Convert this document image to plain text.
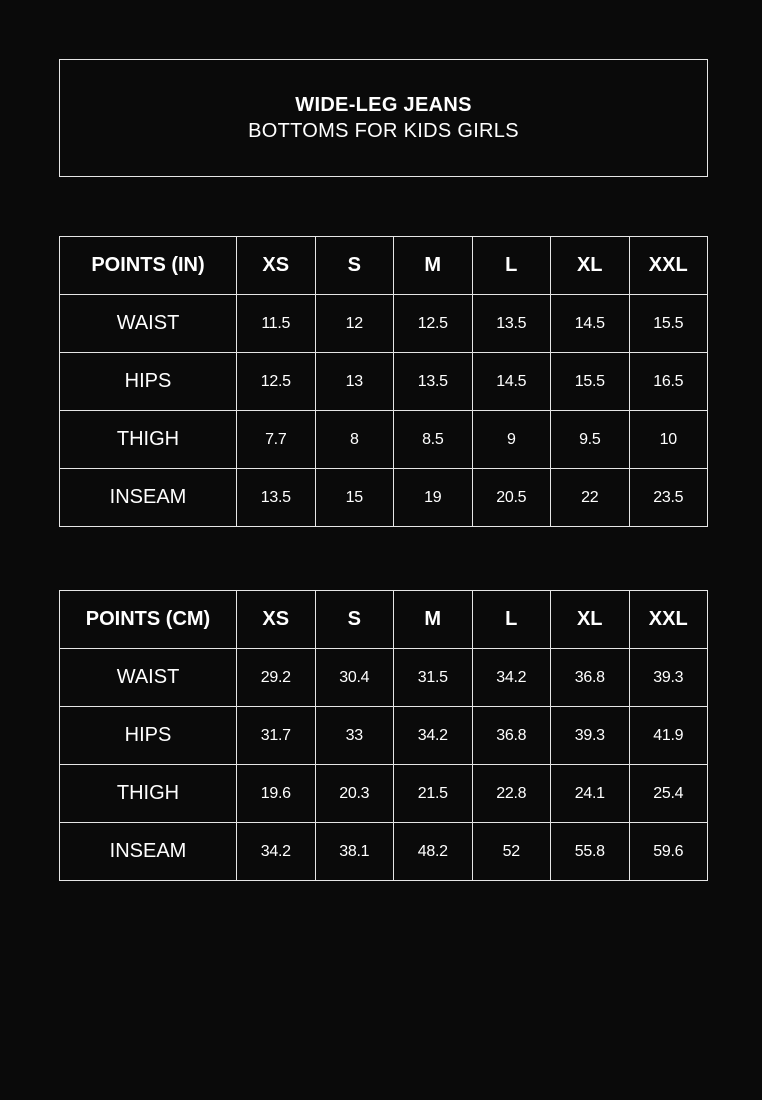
WIDE-LEG JEANS
BOTTOMS FOR KIDS GIRLS
POINTS (IN)	XS	S	M	L	XL	XXL
WAIST	11.5	12	12.5	13.5	14.5	15.5
HIPS	12.5	13	13.5	14.5	15.5	16.5
THIGH	7.7	8	8.5	9	9.5	10
INSEAM	13.5	15	19	20.5	22	23.5
POINTS (CM)	XS	S	M	L	XL	XXL
WAIST	29.2	30.4	31.5	34.2	36.8	39.3
HIPS	31.7	33	34.2	36.8	39.3	41.9
THIGH	19.6	20.3	21.5	22.8	24.1	25.4
INSEAM	34.2	38.1	48.2	52	55.8	59.6
